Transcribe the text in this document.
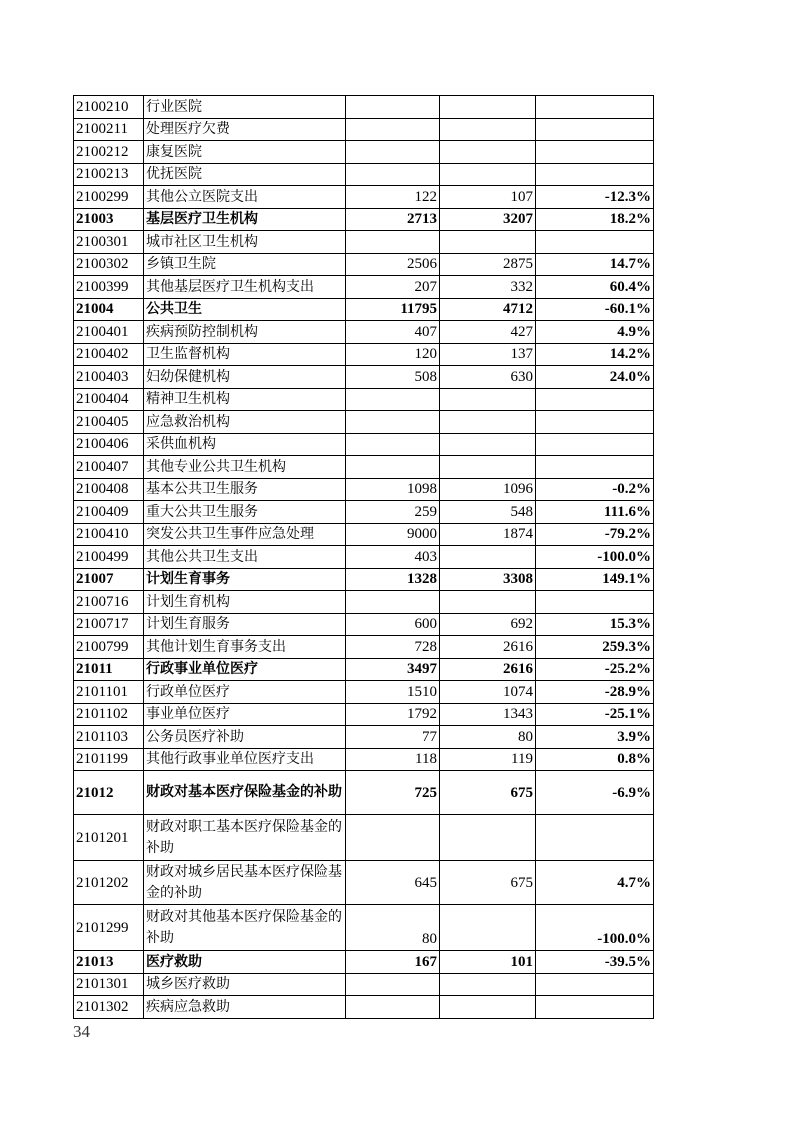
2100210	行业医院			
2100211	处理医疗欠费			
2100212	康复医院			
2100213	优抚医院			
2100299	其他公立医院支出	122	107	-12.3%
21003	基层医疗卫生机构	2713	3207	18.2%
2100301	城市社区卫生机构			
2100302	乡镇卫生院	2506	2875	14.7%
2100399	其他基层医疗卫生机构支出	207	332	60.4%
21004	公共卫生	11795	4712	-60.1%
2100401	疾病预防控制机构	407	427	4.9%
2100402	卫生监督机构	120	137	14.2%
2100403	妇幼保健机构	508	630	24.0%
2100404	精神卫生机构			
2100405	应急救治机构			
2100406	采供血机构			
2100407	其他专业公共卫生机构			
2100408	基本公共卫生服务	1098	1096	-0.2%
2100409	重大公共卫生服务	259	548	111.6%
2100410	突发公共卫生事件应急处理	9000	1874	-79.2%
2100499	其他公共卫生支出	403		-100.0%
21007	计划生育事务	1328	3308	149.1%
2100716	计划生育机构			
2100717	计划生育服务	600	692	15.3%
2100799	其他计划生育事务支出	728	2616	259.3%
21011	行政事业单位医疗	3497	2616	-25.2%
2101101	行政单位医疗	1510	1074	-28.9%
2101102	事业单位医疗	1792	1343	-25.1%
2101103	公务员医疗补助	77	80	3.9%
2101199	其他行政事业单位医疗支出	118	119	0.8%
21012	财政对基本医疗保险基金的补助	725	675	-6.9%
2101201	财政对职工基本医疗保险基金的补助			
2101202	财政对城乡居民基本医疗保险基金的补助	645	675	4.7%
2101299	财政对其他基本医疗保险基金的补助	80		-100.0%
21013	医疗救助	167	101	-39.5%
2101301	城乡医疗救助			
2101302	疾病应急救助			
34
